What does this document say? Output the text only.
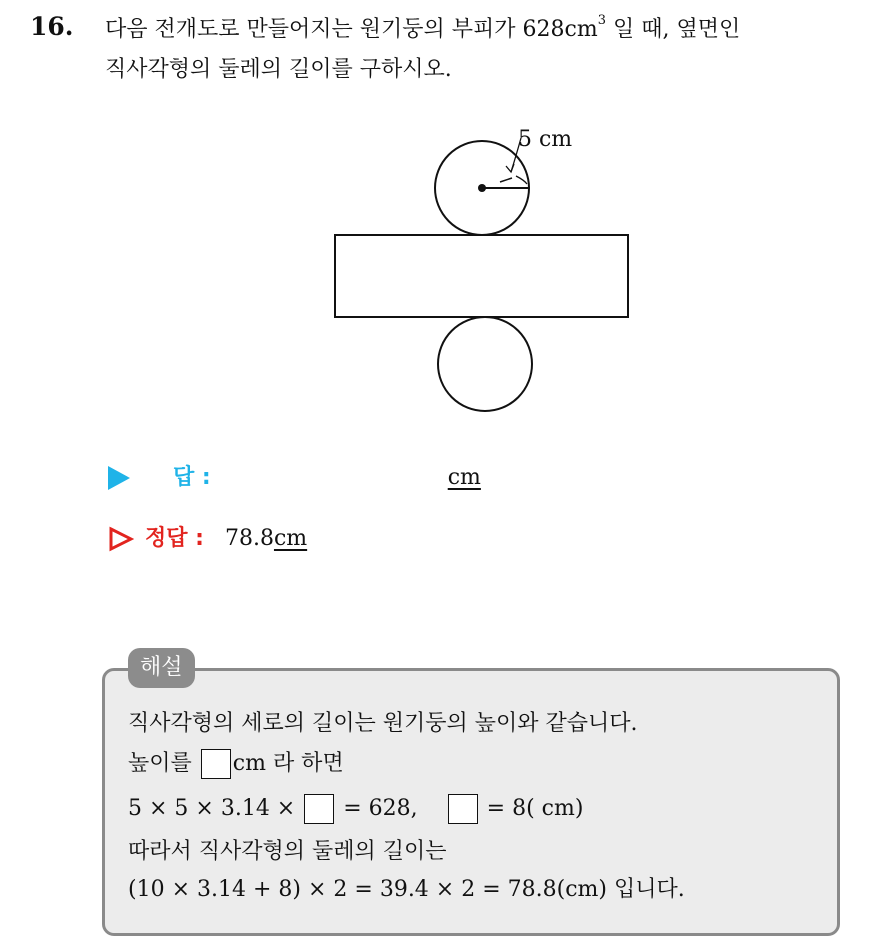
16. 다음 전개도로 만들어지는 원기둥의 부피가 $628cm^3$ 일 때, 옆면인
직사각형의 둘레의 길이를 구하시오.
5 cm
답 :	cm
정답 : 78.8cm
해설
직사각형의 세로의 길이는 원기둥의 높이와 같습니다.
높이를 cm 라 하면
5 × 5 × 3.14 × = 628,	= 8( cm)
따라서 직사각형의 둘레의 길이는
(10 × 3.14 + 8) × 2 = 39.4 × 2 = 78.8(cm) 입니다.
